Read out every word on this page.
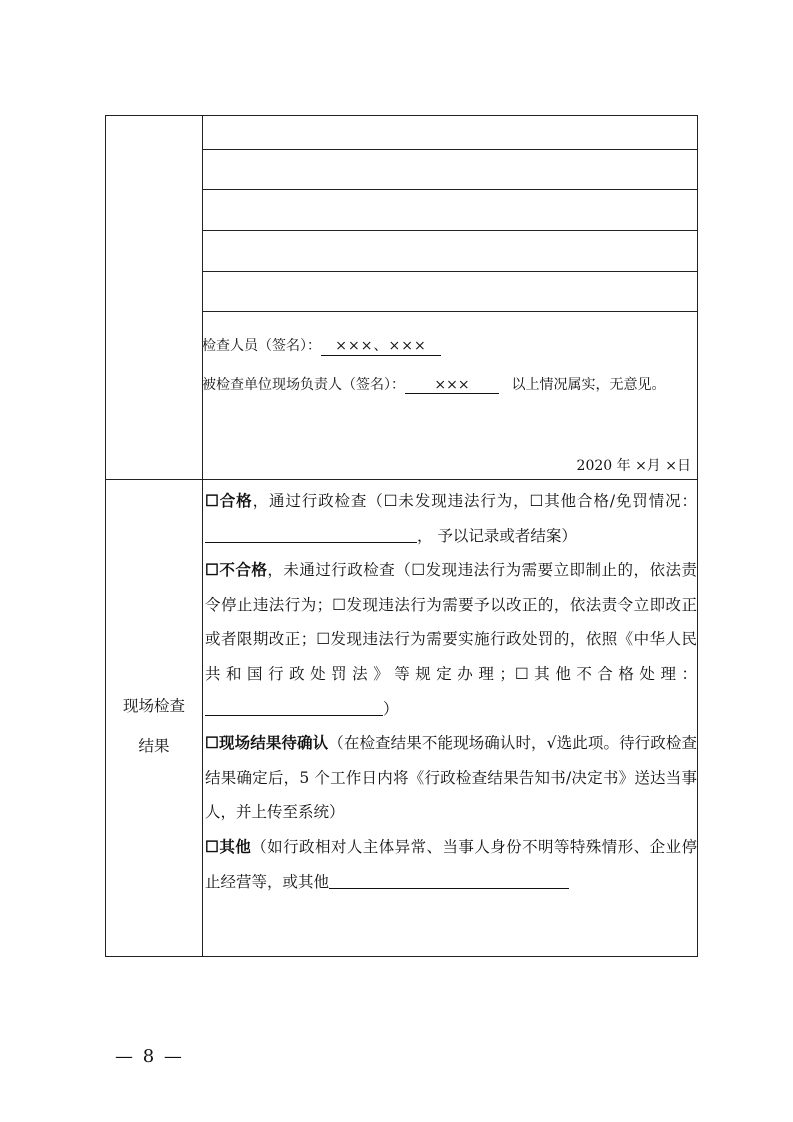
检查人员（签名）： ×××、×××
被检查单位现场负责人（签名）： ×××	以上情况属实，无意见。
2020 年 ×月 ×日
现场检查
结果

☐合格，通过行政检查（☐未发现违法行为，☐其他合格/免罚情况：， 予以记录或者结案）

☐不合格，未通过行政检查（☐发现违法行为需要立即制止的，依法责令停止违法行为；☐发现违法行为需要予以改正的，依法责令立即改正或者限期改正；☐发现违法行为需要实施行政处罚的，依照《中华人民共和国行政处罚法》等规定办理；☐其他不合格处理：）

☐现场结果待确认（在检查结果不能现场确认时，√选此项。待行政检查结果确定后，5 个工作日内将《行政检查结果告知书/决定书》送达当事人，并上传至系统）

☐其他（如行政相对人主体异常、当事人身份不明等特殊情形、企业停止经营等，或其他

— 8 —
